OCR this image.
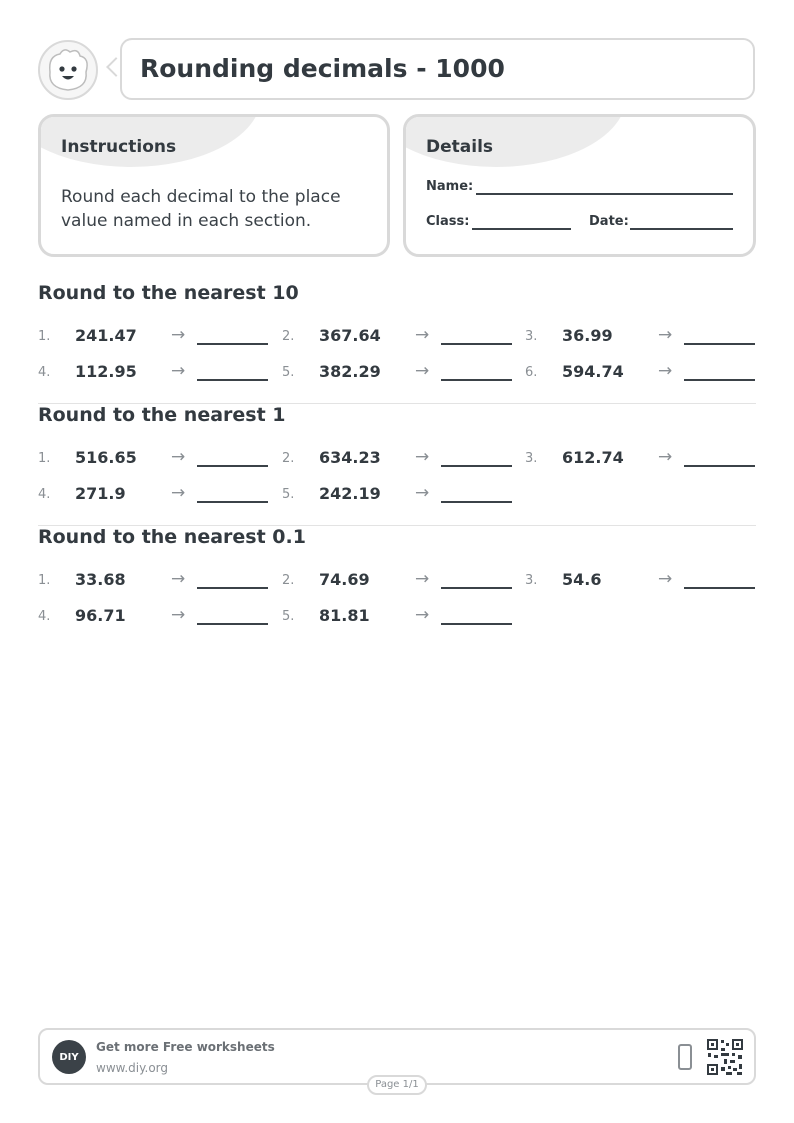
Rounding decimals - 1000
Instructions
Round each decimal to the place value named in each section.
Details
Name:
Class:	Date:
Round to the nearest 10
1. 241.47 →	2. 367.64 →	3. 36.99	→
4. 112.95 →	5. 382.29 →	6. 594.74 →
Round to the nearest 1
1. 516.65 →	2. 634.23 →	3. 612.74 →
4. 271.9	→	5. 242.19 →
Round to the nearest 0.1
1. 33.68	→	2. 74.69	→	3. 54.6	→
4. 96.71	→	5. 81.81	→
DIY
Get more Free worksheets
www.diy.org
Page 1/1
